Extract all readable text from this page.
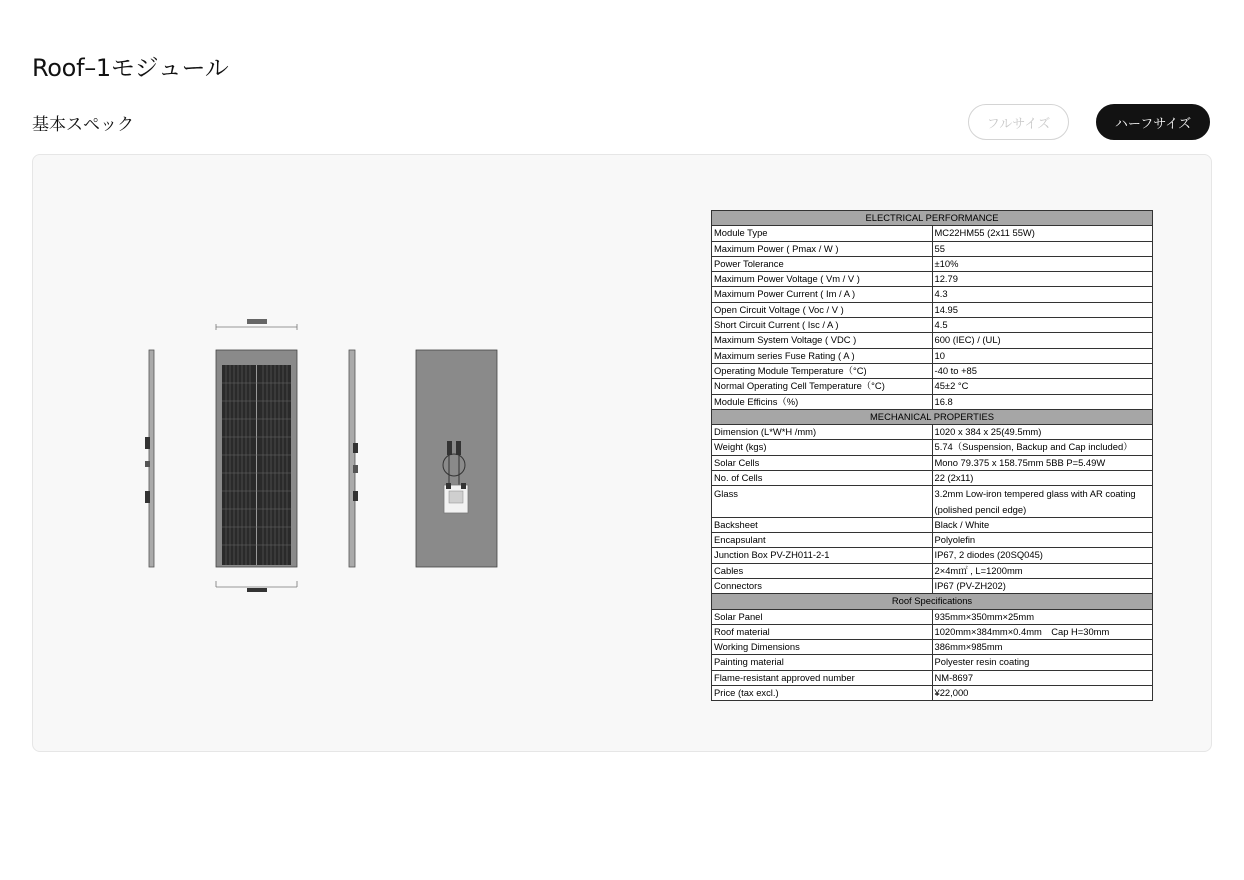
Roof–1モジュール
基本スペック	フルサイズ	ハーフサイズ
ELECTRICAL PERFORMANCE	
Module Type	MC22HM55 (2x11 55W)
Maximum Power ( Pmax / W )	55
Power Tolerance	±10%
Maximum Power Voltage ( Vm / V )	12.79
Maximum Power Current ( Im / A )	4.3
Open Circuit Voltage ( Voc / V )	14.95
Short Circuit Current ( Isc / A )	4.5
Maximum System Voltage ( VDC )	600 (IEC) / (UL)
Maximum series Fuse Rating ( A )	10
Operating Module Temperature（°C)	-40 to +85
Normal Operating Cell Temperature（°C)	45±2 °C
Module Efficins（%)	16.8
MECHANICAL PROPERTIES	
Dimension (L*W*H /mm)	1020 x 384 x 25(49.5mm)
Weight (kgs)	5.74（Suspension, Backup and Cap included）
Solar Cells	Mono 79.375 x 158.75mm 5BB P=5.49W
No. of Cells	22 (2x11)
Glass	3.2mm Low-iron tempered glass with AR coating
(polished pencil edge)

Backsheet	Black / White
Encapsulant	Polyolefin
Junction Box PV-ZH011-2-1	IP67, 2 diodes (20SQ045)
Cables	2×4m㎡ , L=1200mm
Connectors	IP67 (PV-ZH202)
Roof Specifications	
Solar Panel	935mm×350mm×25mm
Roof material	1020mm×384mm×0.4mm　Cap H=30mm
Working Dimensions	386mm×985mm
Painting material	Polyester resin coating
Flame-resistant approved number	NM-8697
Price (tax excl.)	¥22,000
